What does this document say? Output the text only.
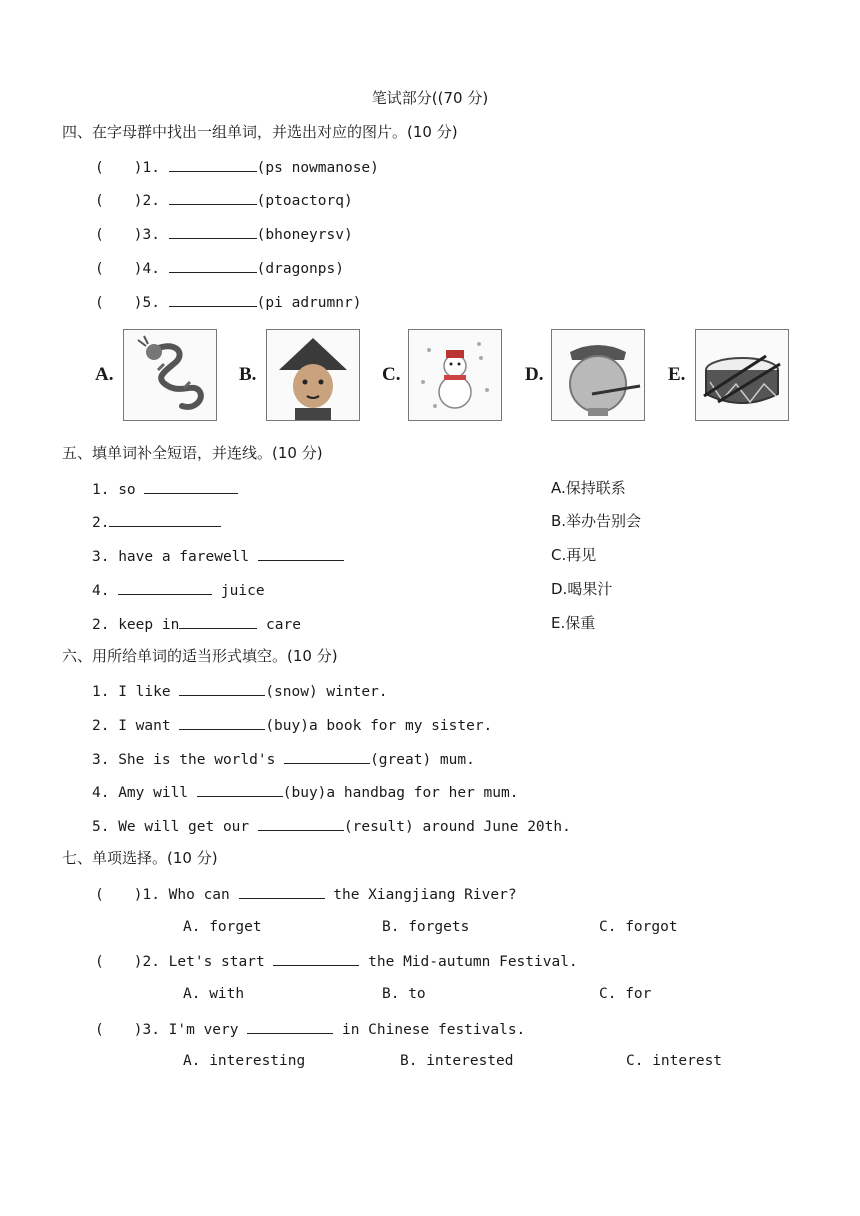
笔试部分((70 分)
四、在字母群中找出一组单词，并选出对应的图片。(10 分)
( )1.	(ps nowmanose)
( )2.	(ptoactorq)
( )3.	(bhoneyrsv)
( )4.	(dragonps)
( )5.	(pi adrumnr)
A.	B.	C.	D.	E.
五、填单词补全短语，并连线。(10 分)
1. so
2.
3. have a farewell
4.	juice
2. keep in	care
A.保持联系
B.举办告别会
C.再见
D.喝果汁
E.保重
六、用所给单词的适当形式填空。(10 分)
1. I like	(snow) winter.
2. I want	(buy)a book for my sister.
3. She is the world's	(great) mum.
4. Amy will	(buy)a handbag for her mum.
5. We will get our	(result) around June 20th.
七、单项选择。(10 分)
( )1. Who can	the Xiangjiang River?
A. forget	B. forgets	C. forgot
( )2. Let's start	the Mid-autumn Festival.
A. with	B. to	C. for
( )3. I'm very	in Chinese festivals.
A. interesting	B. interested	C. interest
